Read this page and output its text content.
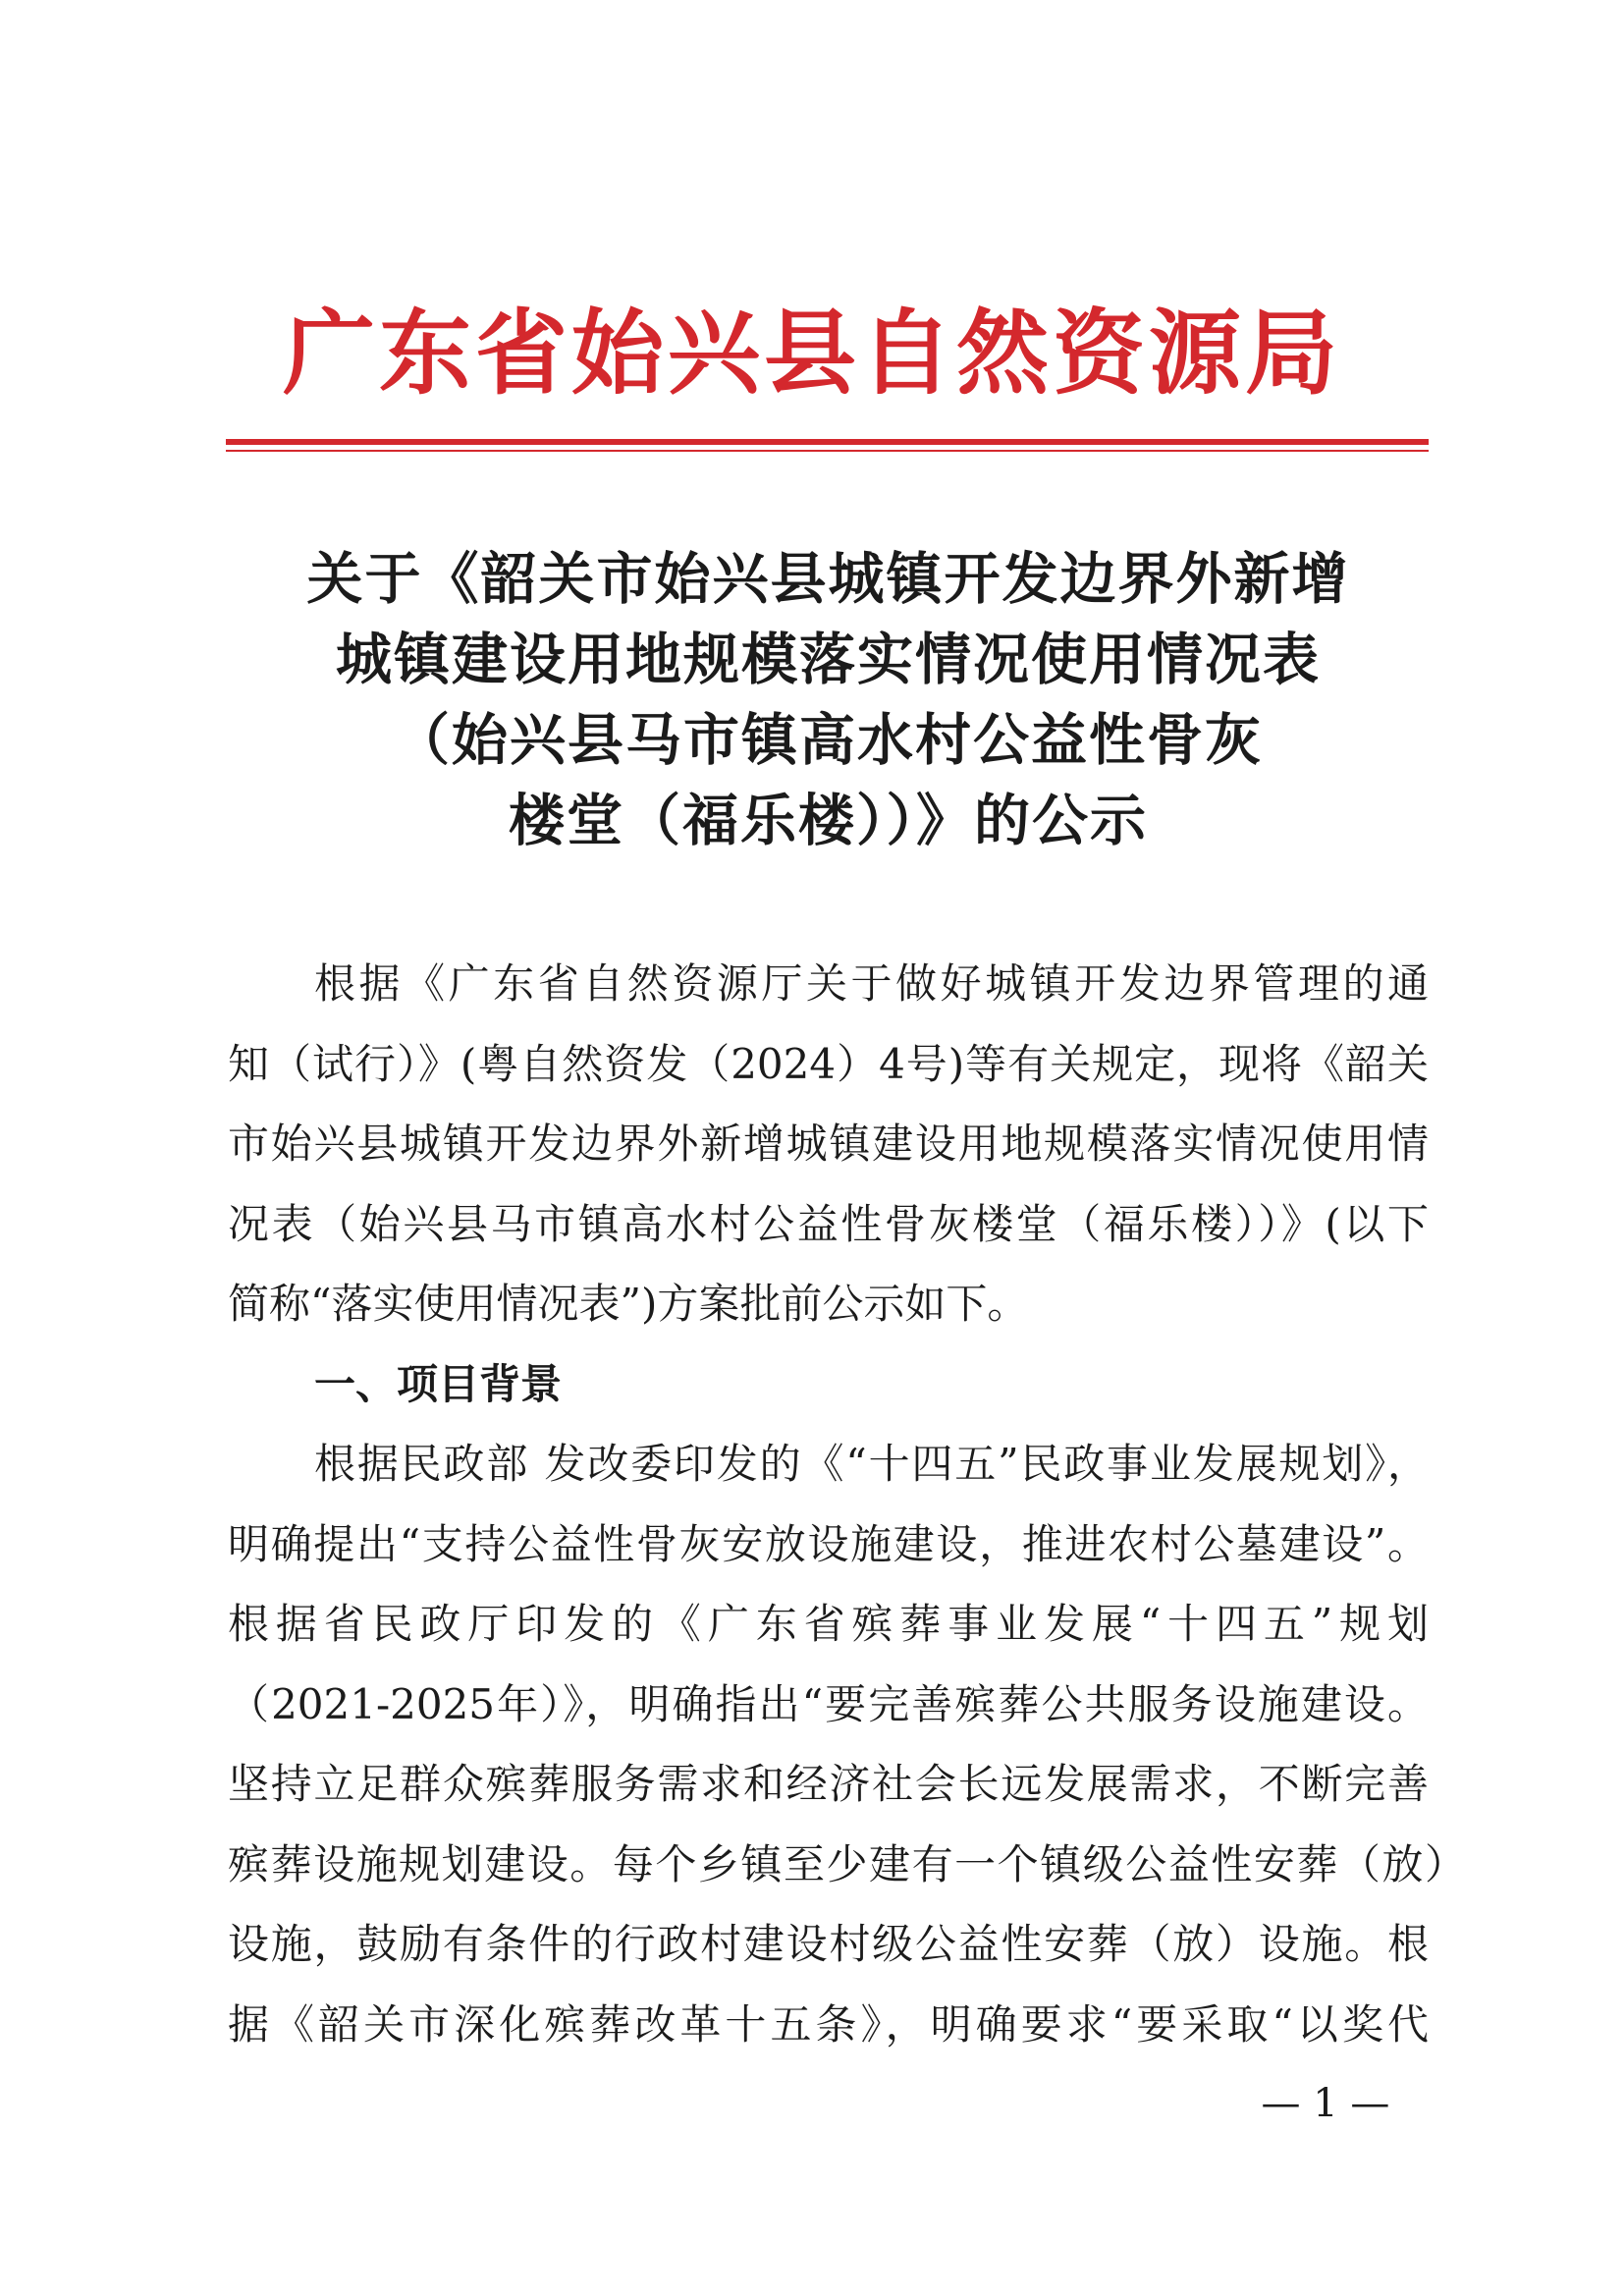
广东省始兴县自然资源局
关于《韶关市始兴县城镇开发边界外新增
城镇建设用地规模落实情况使用情况表
（始兴县马市镇高水村公益性骨灰
楼堂（福乐楼））》的公示
根据《广东省自然资源厅关于做好城镇开发边界管理的通
知（试行）》(粤自然资发（2024）4号)等有关规定，现将《韶关
市始兴县城镇开发边界外新增城镇建设用地规模落实情况使用情
况表（始兴县马市镇高水村公益性骨灰楼堂（福乐楼））》(以下
简称“落实使用情况表”)方案批前公示如下。
一、项目背景
根据民政部 发改委印发的《“十四五”民政事业发展规划》，
明确提出“支持公益性骨灰安放设施建设，推进农村公墓建设”。
根据省民政厅印发的《广东省殡葬事业发展“十四五”规划
（2021-2025年）》，明确指出“要完善殡葬公共服务设施建设。
坚持立足群众殡葬服务需求和经济社会长远发展需求，不断完善
殡葬设施规划建设。每个乡镇至少建有一个镇级公益性安葬（放）
设施，鼓励有条件的行政村建设村级公益性安葬（放）设施。根
据《韶关市深化殡葬改革十五条》，明确要求“要采取“以奖代
— 1 —
